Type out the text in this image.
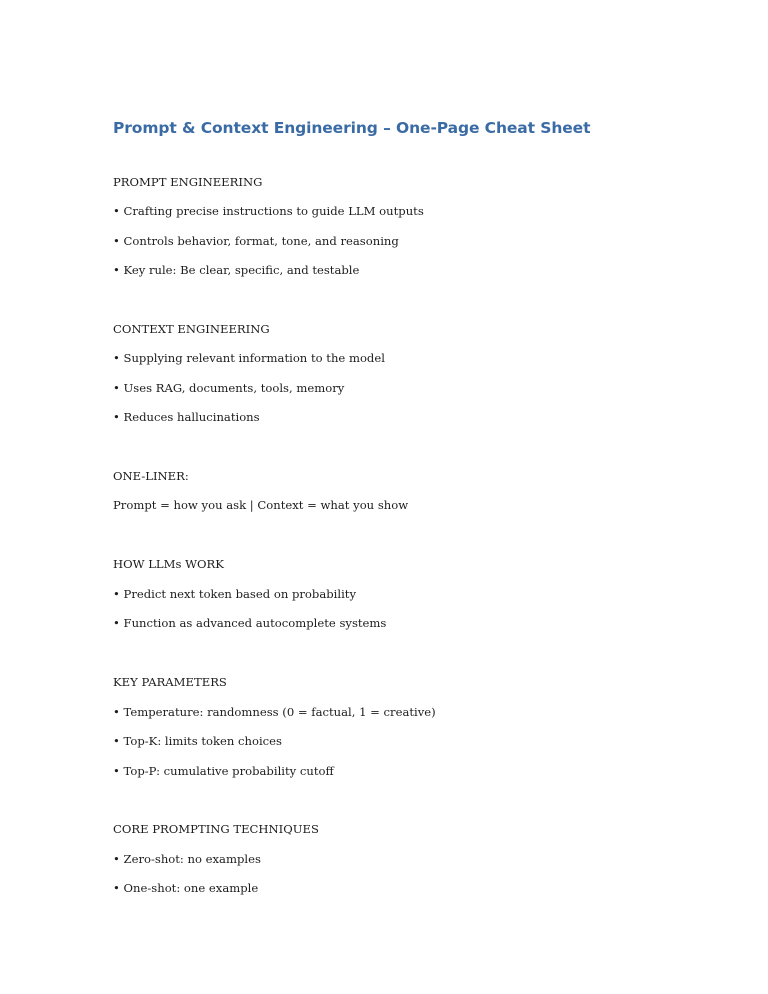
Prompt & Context Engineering – One-Page Cheat Sheet

PROMPT ENGINEERING

• Crafting precise instructions to guide LLM outputs

• Controls behavior, format, tone, and reasoning

• Key rule: Be clear, specific, and testable

CONTEXT ENGINEERING

• Supplying relevant information to the model

• Uses RAG, documents, tools, memory

• Reduces hallucinations

ONE-LINER:

Prompt = how you ask | Context = what you show

HOW LLMs WORK

• Predict next token based on probability

• Function as advanced autocomplete systems

KEY PARAMETERS

• Temperature: randomness (0 = factual, 1 = creative)

• Top-K: limits token choices

• Top-P: cumulative probability cutoff

CORE PROMPTING TECHNIQUES

• Zero-shot: no examples

• One-shot: one example
